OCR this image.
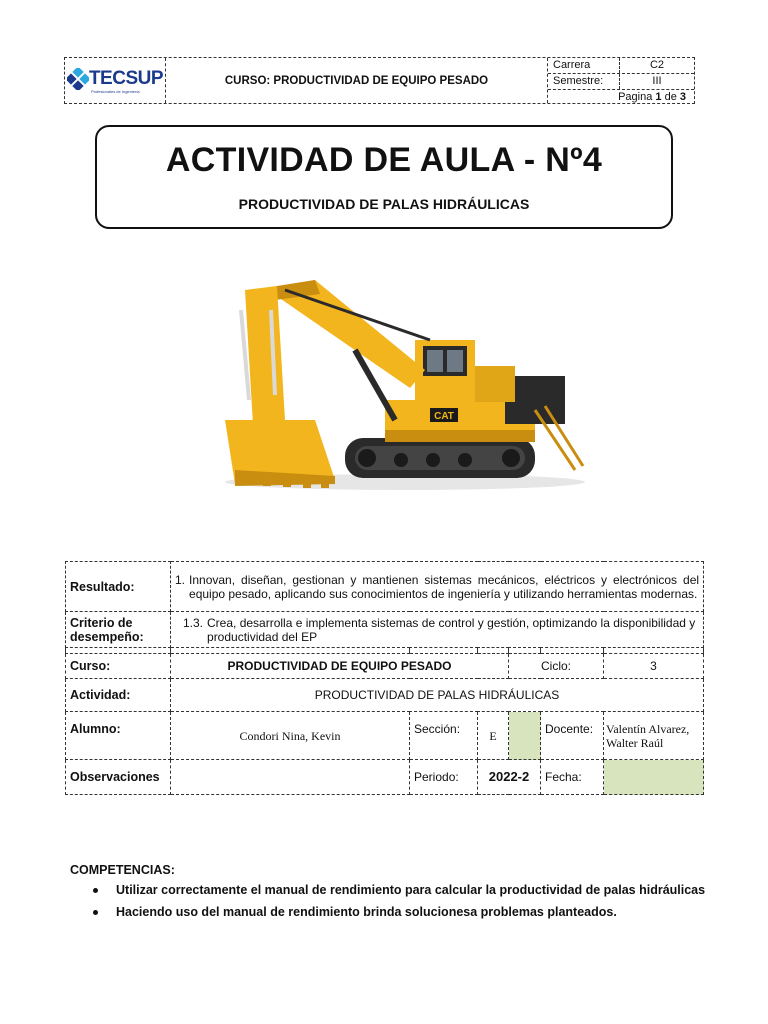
TECSUP
Profesionales de Ingeniería
CURSO: PRODUCTIVIDAD DE EQUIPO PESADO
Carrera	C2
Semestre:	III
Pagina 1 de 3
ACTIVIDAD DE AULA - Nº4
PRODUCTIVIDAD DE PALAS HIDRÁULICAS
CAT
Resultado:	1. Innovan, diseñan, gestionan y mantienen sistemas mecánicos, eléctricos y electrónicos del equipo pesado, aplicando sus conocimientos de ingeniería y utilizando herramientas modernas.					

Criterio de desempeño:	1.3. Crea, desarrolla e implementa sistemas de control y gestión, optimizando la disponibilidad y productividad del EP					

Curso:	PRODUCTIVIDAD DE EQUIPO PESADO			Ciclo:		3
Actividad:	PRODUCTIVIDAD DE PALAS HIDRÁULICAS					
Alumno:	Condori Nina, Kevin	Sección:	E		Docente:	Valentín Alvarez, Walter Raúl
Observaciones		Periodo:	2022-2		Fecha:	
COMPETENCIAS:
Utilizar correctamente el manual de rendimiento para calcular la productividad de palas hidráulicas
Haciendo uso del manual de rendimiento brinda solucionesa problemas planteados.
